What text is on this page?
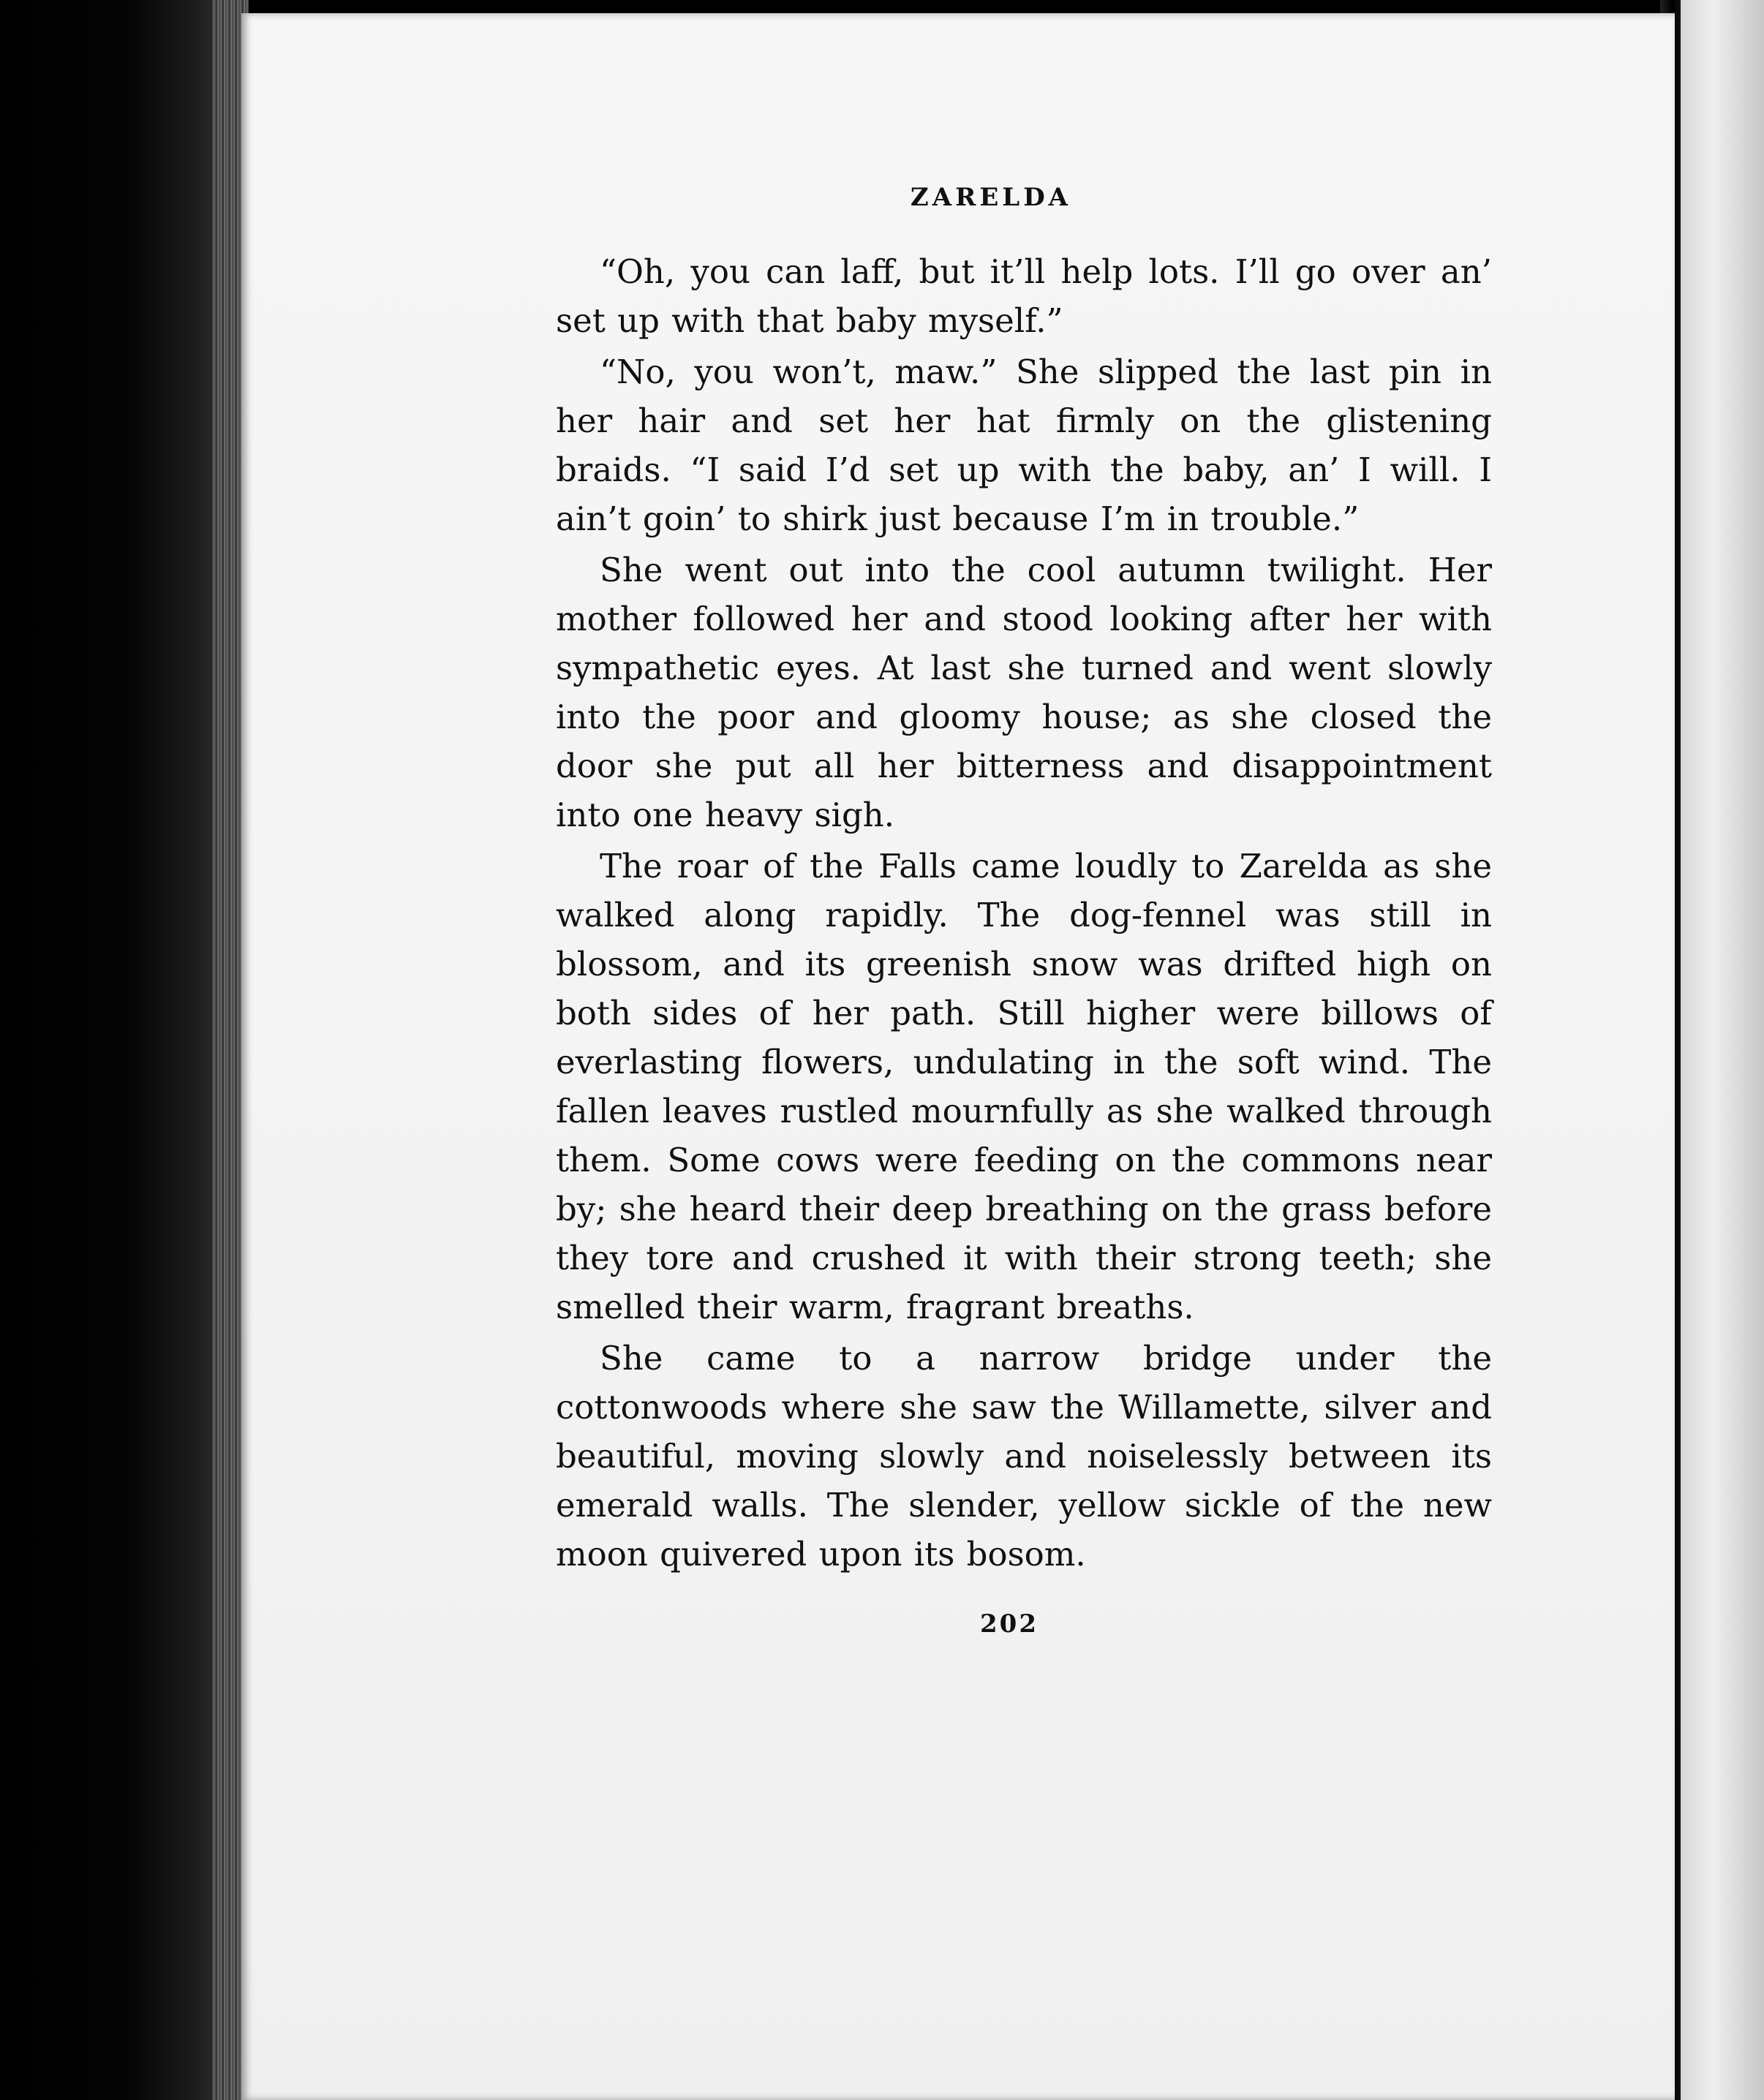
ZARELDA

“Oh, you can laff, but it’ll help lots. I’ll go over an’ set up with that baby myself.”

“No, you won’t, maw.” She slipped the last pin in her hair and set her hat firmly on the glistening braids. “I said I’d set up with the baby, an’ I will. I ain’t goin’ to shirk just because I’m in trouble.”

She went out into the cool autumn twilight. Her mother followed her and stood looking after her with sympathetic eyes. At last she turned and went slowly into the poor and gloomy house; as she closed the door she put all her bitterness and disappointment into one heavy sigh.

The roar of the Falls came loudly to Zarelda as she walked along rapidly. The dog-fennel was still in blossom, and its greenish snow was drifted high on both sides of her path. Still higher were billows of everlasting flowers, undulating in the soft wind. The fallen leaves rustled mournfully as she walked through them. Some cows were feeding on the commons near by; she heard their deep breathing on the grass before they tore and crushed it with their strong teeth; she smelled their warm, fragrant breaths.

She came to a narrow bridge under the cottonwoods where she saw the Willamette, silver and beautiful, moving slowly and noiselessly between its emerald walls. The slender, yellow sickle of the new moon quivered upon its bosom.

202
